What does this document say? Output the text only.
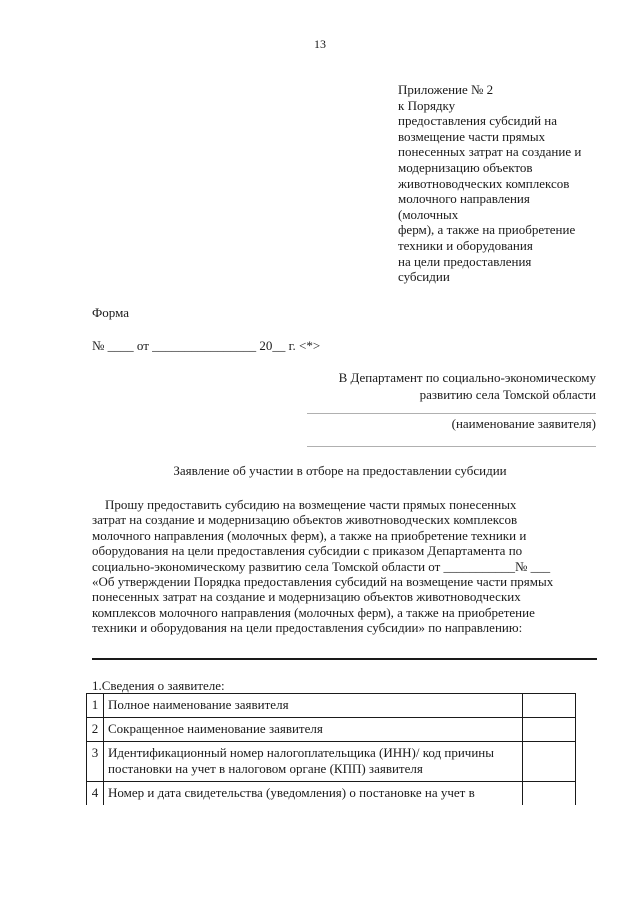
13
Приложение № 2
к Порядку
предоставления субсидий на
возмещение части прямых
понесенных затрат на создание и
модернизацию объектов
животноводческих комплексов
молочного направления
(молочных
ферм), а также на приобретение
техники и оборудования
на цели предоставления
субсидии
Форма
№ ____ от ________________ 20__ г. <*>
В Департамент по социально-экономическому
развитию села Томской области
(наименование заявителя)
Заявление об участии в отборе на предоставлении субсидии
Прошу предоставить субсидию на возмещение части прямых понесенных
затрат на создание и модернизацию объектов животноводческих комплексов
молочного направления (молочных ферм), а также на приобретение техники и
оборудования на цели предоставления субсидии с приказом Департамента по
социально-экономическому развитию села Томской области от ___________№ ___
«Об утверждении Порядка предоставления субсидий на возмещение части прямых
понесенных затрат на создание и модернизацию объектов животноводческих
комплексов молочного направления (молочных ферм), а также на приобретение
техники и оборудования на цели предоставления субсидии» по направлению:
1.Сведения о заявителе:
1	Полное наименование заявителя	
2	Сокращенное наименование заявителя	
3	Идентификационный номер налогоплательщика (ИНН)/ код причины постановки на учет в налоговом органе (КПП) заявителя	
4	Номер и дата свидетельства (уведомления) о постановке на учет в	
